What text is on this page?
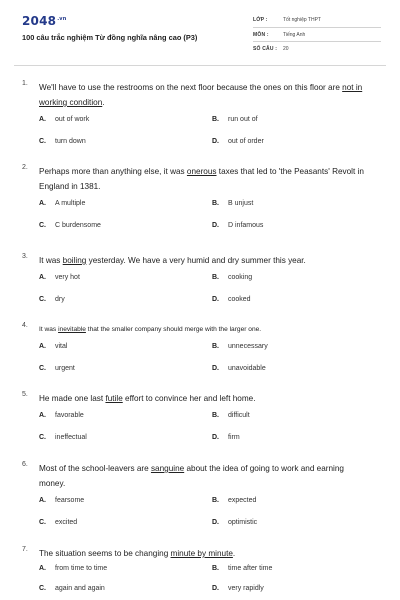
$2048^{.vn}$
100 câu trắc nghiệm Từ đồng nghĩa nâng cao (P3)
LỚP :	Tốt nghiệp THPT
MÔN :	Tiếng Anh
SỐ CÂU : 20
1. We'll have to use the restrooms on the next floor because the ones on this floor are not in working condition.
A. out of work	B. run out of
C. turn down	D. out of order
2. Perhaps more than anything else, it was onerous taxes that led to 'the Peasants' Revolt in England in 1381.
A. A multiple	B. B unjust
C. C burdensome	D. D infamous
3. It was boiling yesterday. We have a very humid and dry summer this year.
A. very hot	B. cooking
C. dry	D. cooked
4.
It was inevitable that the smaller company should merge with the larger one.
A. vital	B. unnecessary
C. urgent	D. unavoidable
5. He made one last futile effort to convince her and left home.
A. favorable	B. difficult
C. ineffectual	D. firm
6. Most of the school-leavers are sanguine about the idea of going to work and earning money.
A. fearsome	B. expected
C. excited	D. optimistic
7. The situation seems to be changing minute by minute.
A. from time to time	B. time after time
C. again and again	D. very rapidly
